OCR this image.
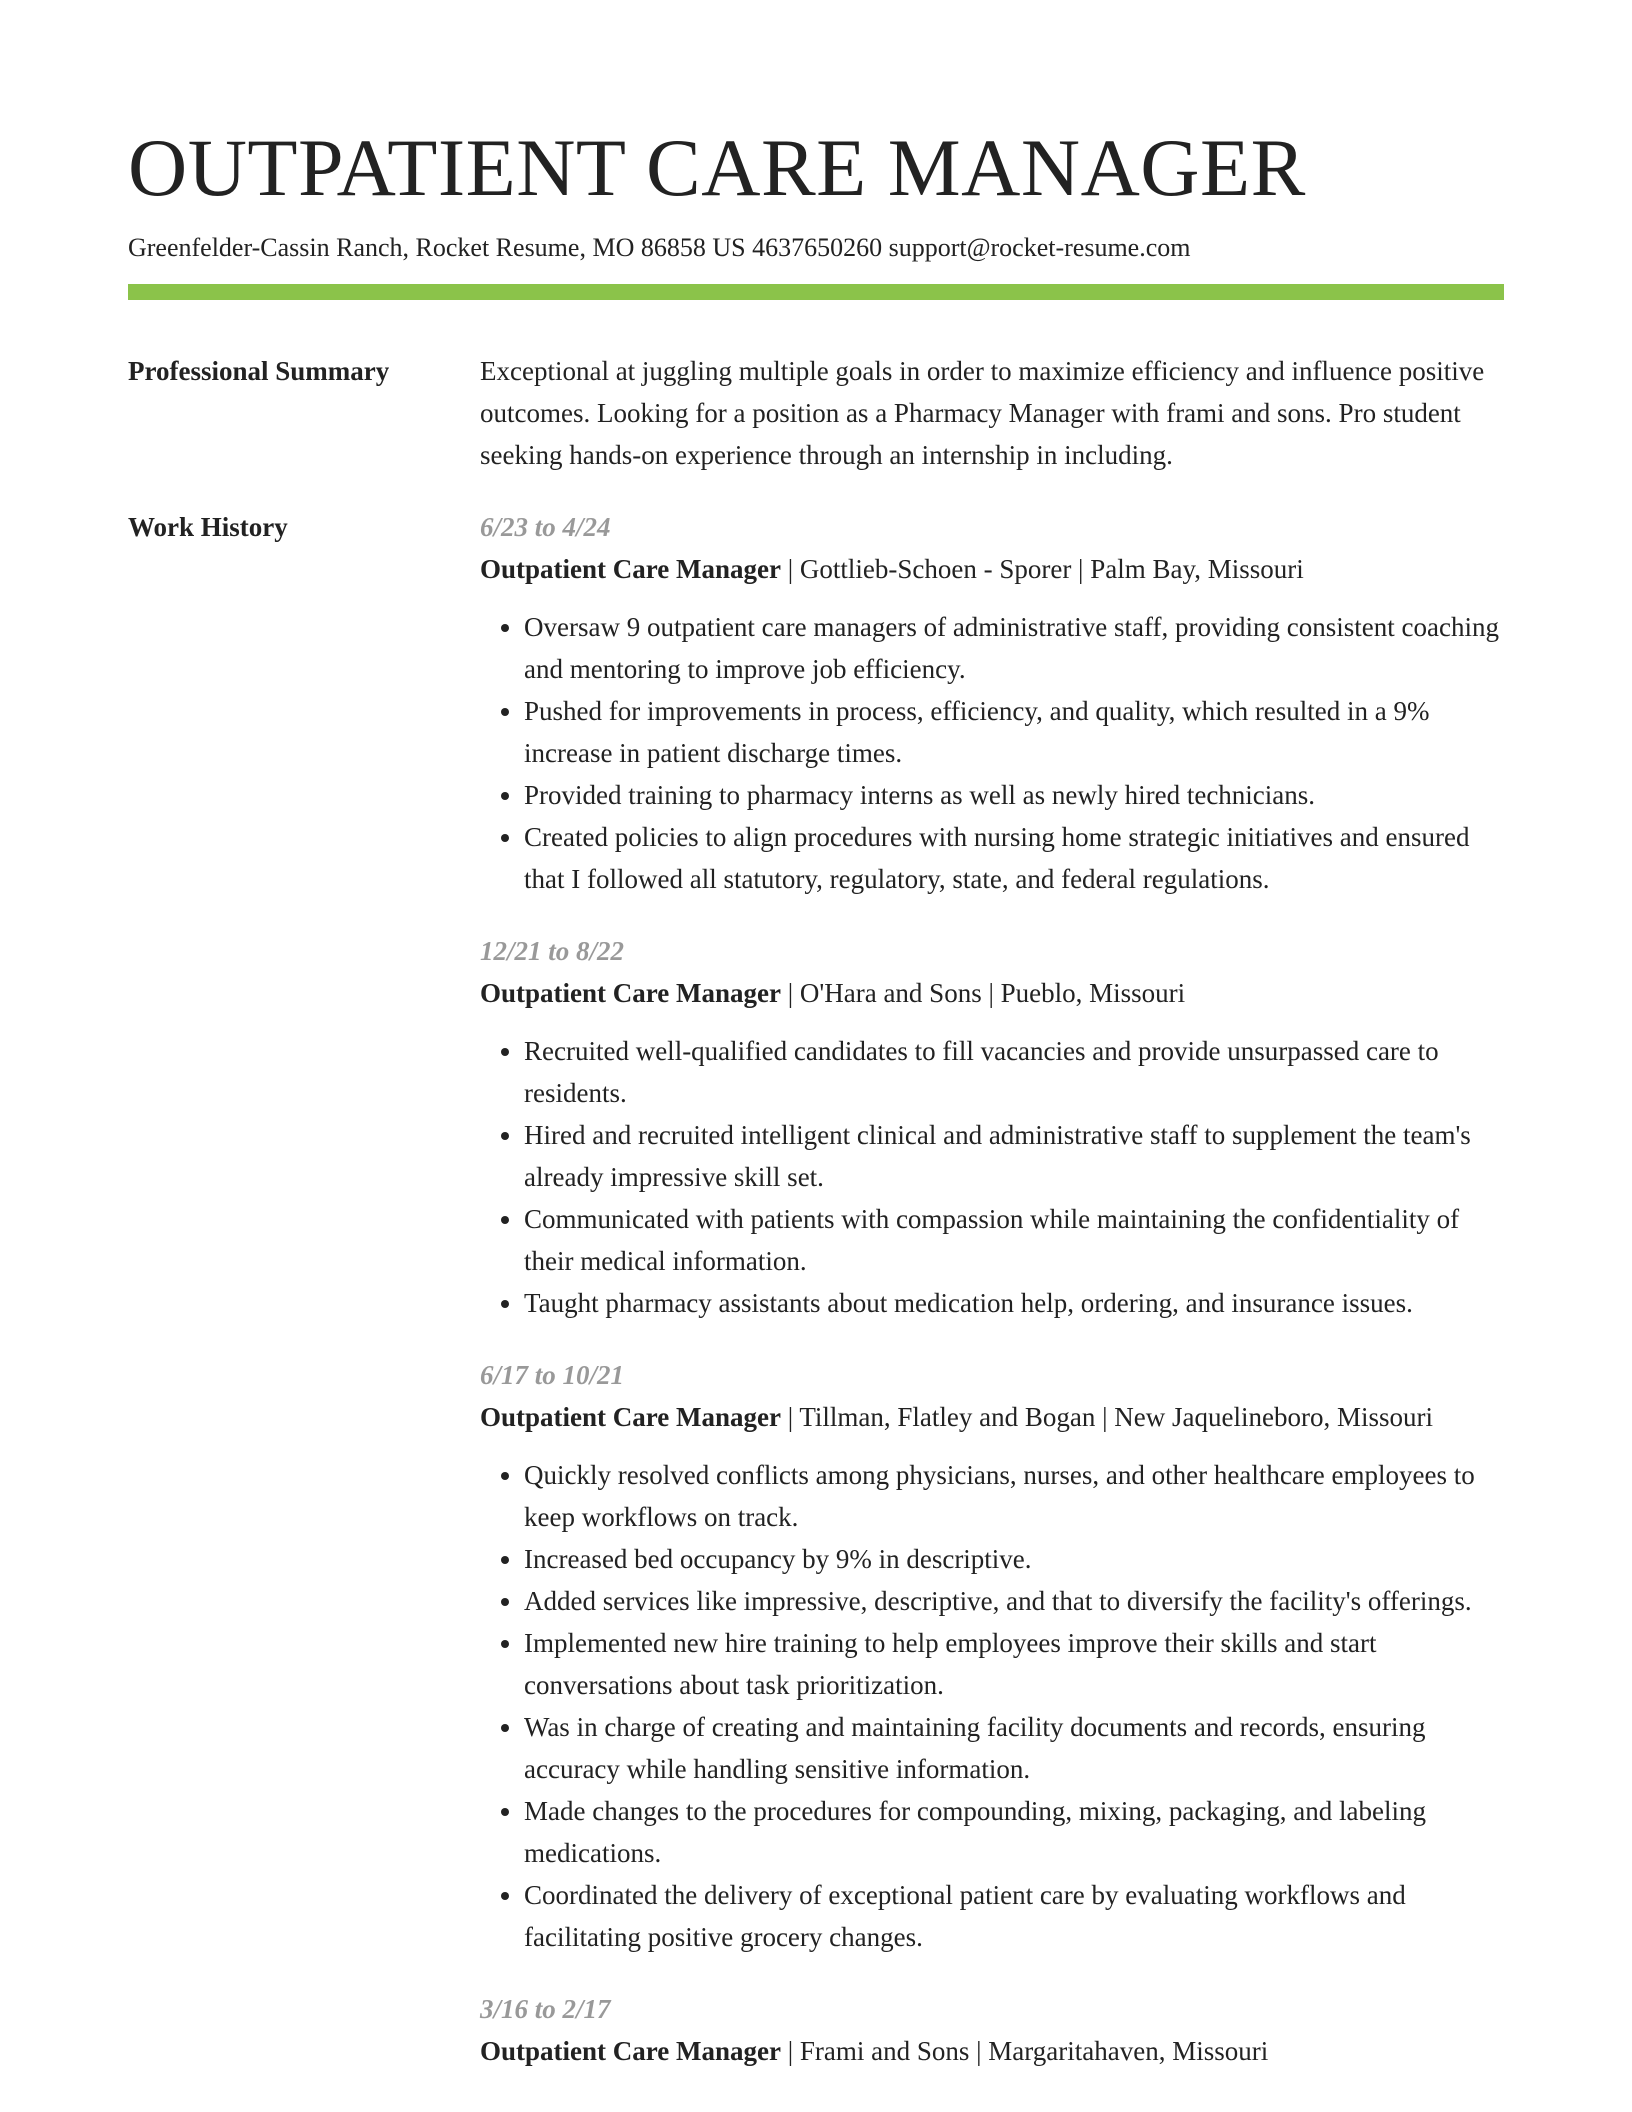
OUTPATIENT CARE MANAGER
Greenfelder-Cassin Ranch, Rocket Resume, MO 86858 US 4637650260 support@rocket-resume.com
Professional Summary	Exceptional at juggling multiple goals in order to maximize efficiency and influence positive outcomes. Looking for a position as a Pharmacy Manager with frami and sons. Pro student seeking hands-on experience through an internship in including.

Work History	6/23 to 4/24

Outpatient Care Manager | Gottlieb-Schoen - Sporer | Palm Bay, Missouri

• Oversaw 9 outpatient care managers of administrative staff, providing consistent coaching and mentoring to improve job efficiency.
• Pushed for improvements in process, efficiency, and quality, which resulted in a 9% increase in patient discharge times.
• Provided training to pharmacy interns as well as newly hired technicians.
• Created policies to align procedures with nursing home strategic initiatives and ensured that I followed all statutory, regulatory, state, and federal regulations.

12/21 to 8/22

Outpatient Care Manager | O'Hara and Sons | Pueblo, Missouri

• Recruited well-qualified candidates to fill vacancies and provide unsurpassed care to residents.
• Hired and recruited intelligent clinical and administrative staff to supplement the team's already impressive skill set.
• Communicated with patients with compassion while maintaining the confidentiality of their medical information.
• Taught pharmacy assistants about medication help, ordering, and insurance issues.

6/17 to 10/21

Outpatient Care Manager | Tillman, Flatley and Bogan | New Jaquelineboro, Missouri

• Quickly resolved conflicts among physicians, nurses, and other healthcare employees to keep workflows on track.
• Increased bed occupancy by 9% in descriptive.
• Added services like impressive, descriptive, and that to diversify the facility's offerings.
• Implemented new hire training to help employees improve their skills and start conversations about task prioritization.
• Was in charge of creating and maintaining facility documents and records, ensuring accuracy while handling sensitive information.
• Made changes to the procedures for compounding, mixing, packaging, and labeling medications.
• Coordinated the delivery of exceptional patient care by evaluating workflows and facilitating positive grocery changes.

3/16 to 2/17

Outpatient Care Manager | Frami and Sons | Margaritahaven, Missouri
